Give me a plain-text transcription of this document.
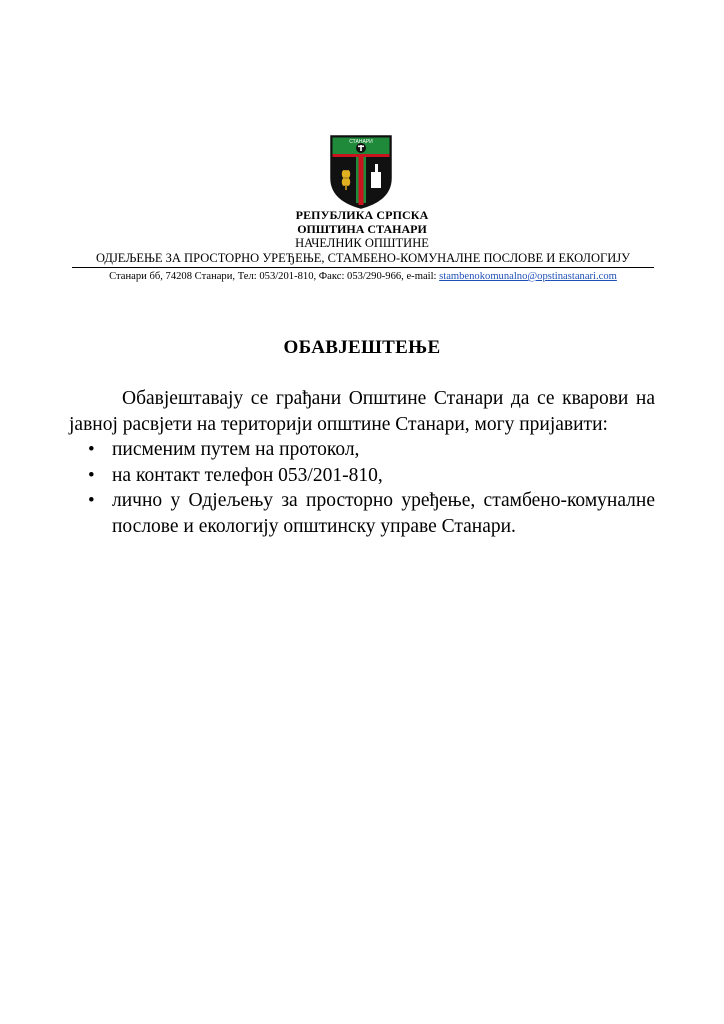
СТАНАРИ
РЕПУБЛИКА СРПСКА
ОПШТИНА СТАНАРИ
НАЧЕЛНИК ОПШТИНЕ
ОДЈЕЉЕЊЕ ЗА ПРОСТОРНО УРЕЂЕЊЕ, СТАМБЕНО-КОМУНАЛНЕ ПОСЛОВЕ И ЕКОЛОГИЈУ
Станари бб, 74208 Станари, Тел: 053/201-810, Факс: 053/290-966, e-mail: stambenokomunalno@opstinastanari.com
ОБАВЈЕШТЕЊЕ

Обавјештавају се грађани Општине Станари да се кварови на јавној расвјети на територији општине Станари, могу пријавити:

• писменим путем на протокол,
• на контакт телефон 053/201-810,
• лично у Одјељењу за просторно уређење, стамбено-комуналне послове и екологију општинску управе Станари.
